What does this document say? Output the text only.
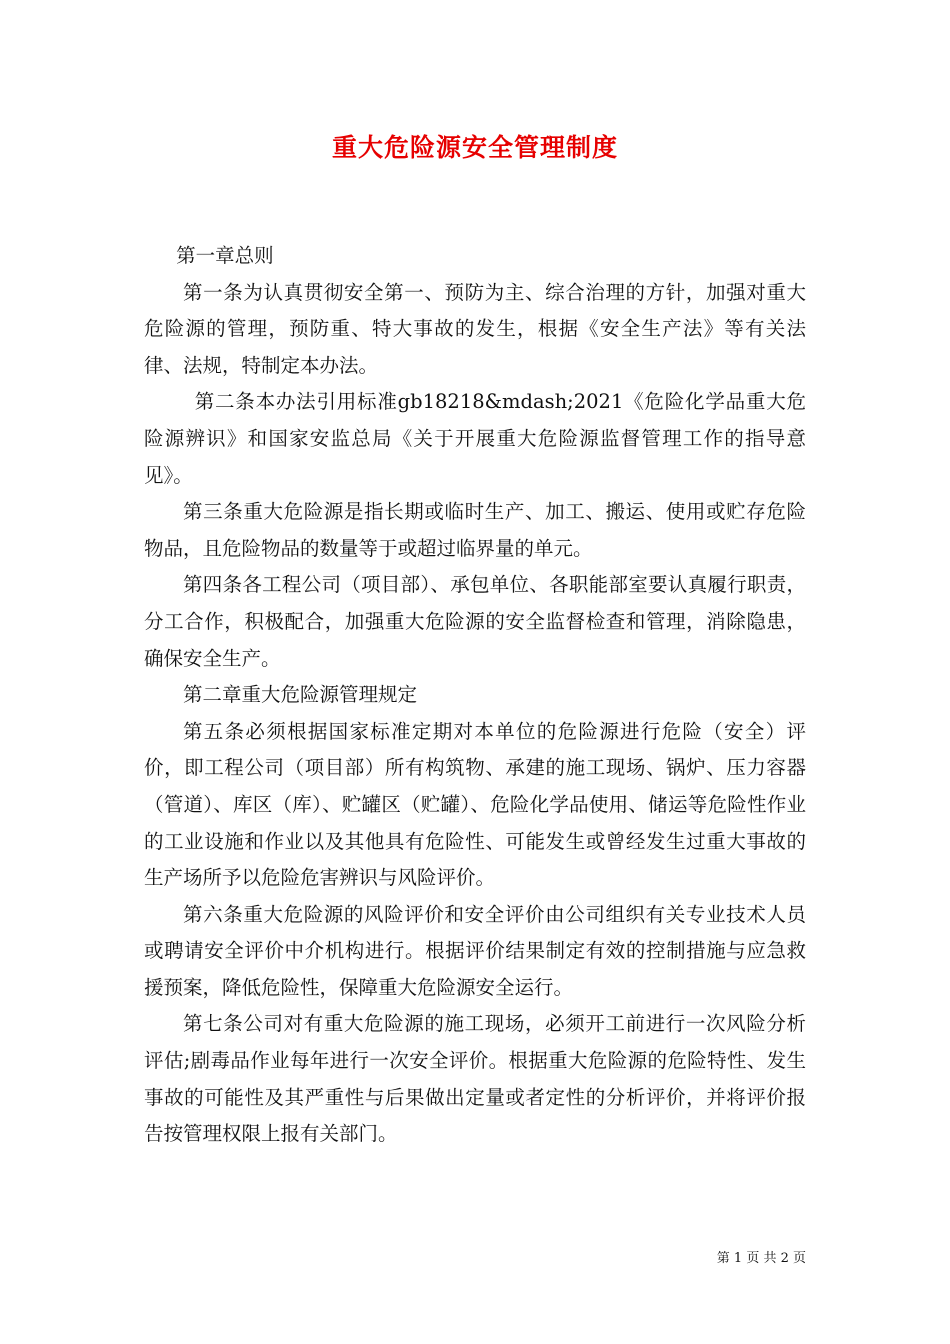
重大危险源安全管理制度

第一章总则

第一条为认真贯彻安全第一、预防为主、综合治理的方针，加强对重大危险源的管理，预防重、特大事故的发生，根据《安全生产法》等有关法律、法规，特制定本办法。

第二条本办法引用标准gb18218&mdash;2021《危险化学品重大危险源辨识》和国家安监总局《关于开展重大危险源监督管理工作的指导意见》。

第三条重大危险源是指长期或临时生产、加工、搬运、使用或贮存危险物品，且危险物品的数量等于或超过临界量的单元。

第四条各工程公司（项目部）、承包单位、各职能部室要认真履行职责，分工合作，积极配合，加强重大危险源的安全监督检查和管理，消除隐患，确保安全生产。

第二章重大危险源管理规定

第五条必须根据国家标准定期对本单位的危险源进行危险（安全）评价，即工程公司（项目部）所有构筑物、承建的施工现场、锅炉、压力容器（管道）、库区（库）、贮罐区（贮罐）、危险化学品使用、储运等危险性作业的工业设施和作业以及其他具有危险性、可能发生或曾经发生过重大事故的生产场所予以危险危害辨识与风险评价。

第六条重大危险源的风险评价和安全评价由公司组织有关专业技术人员或聘请安全评价中介机构进行。根据评价结果制定有效的控制措施与应急救援预案，降低危险性，保障重大危险源安全运行。

第七条公司对有重大危险源的施工现场，必须开工前进行一次风险分析评估;剧毒品作业每年进行一次安全评价。根据重大危险源的危险特性、发生事故的可能性及其严重性与后果做出定量或者定性的分析评价，并将评价报告按管理权限上报有关部门。

第 1 页 共 2 页
